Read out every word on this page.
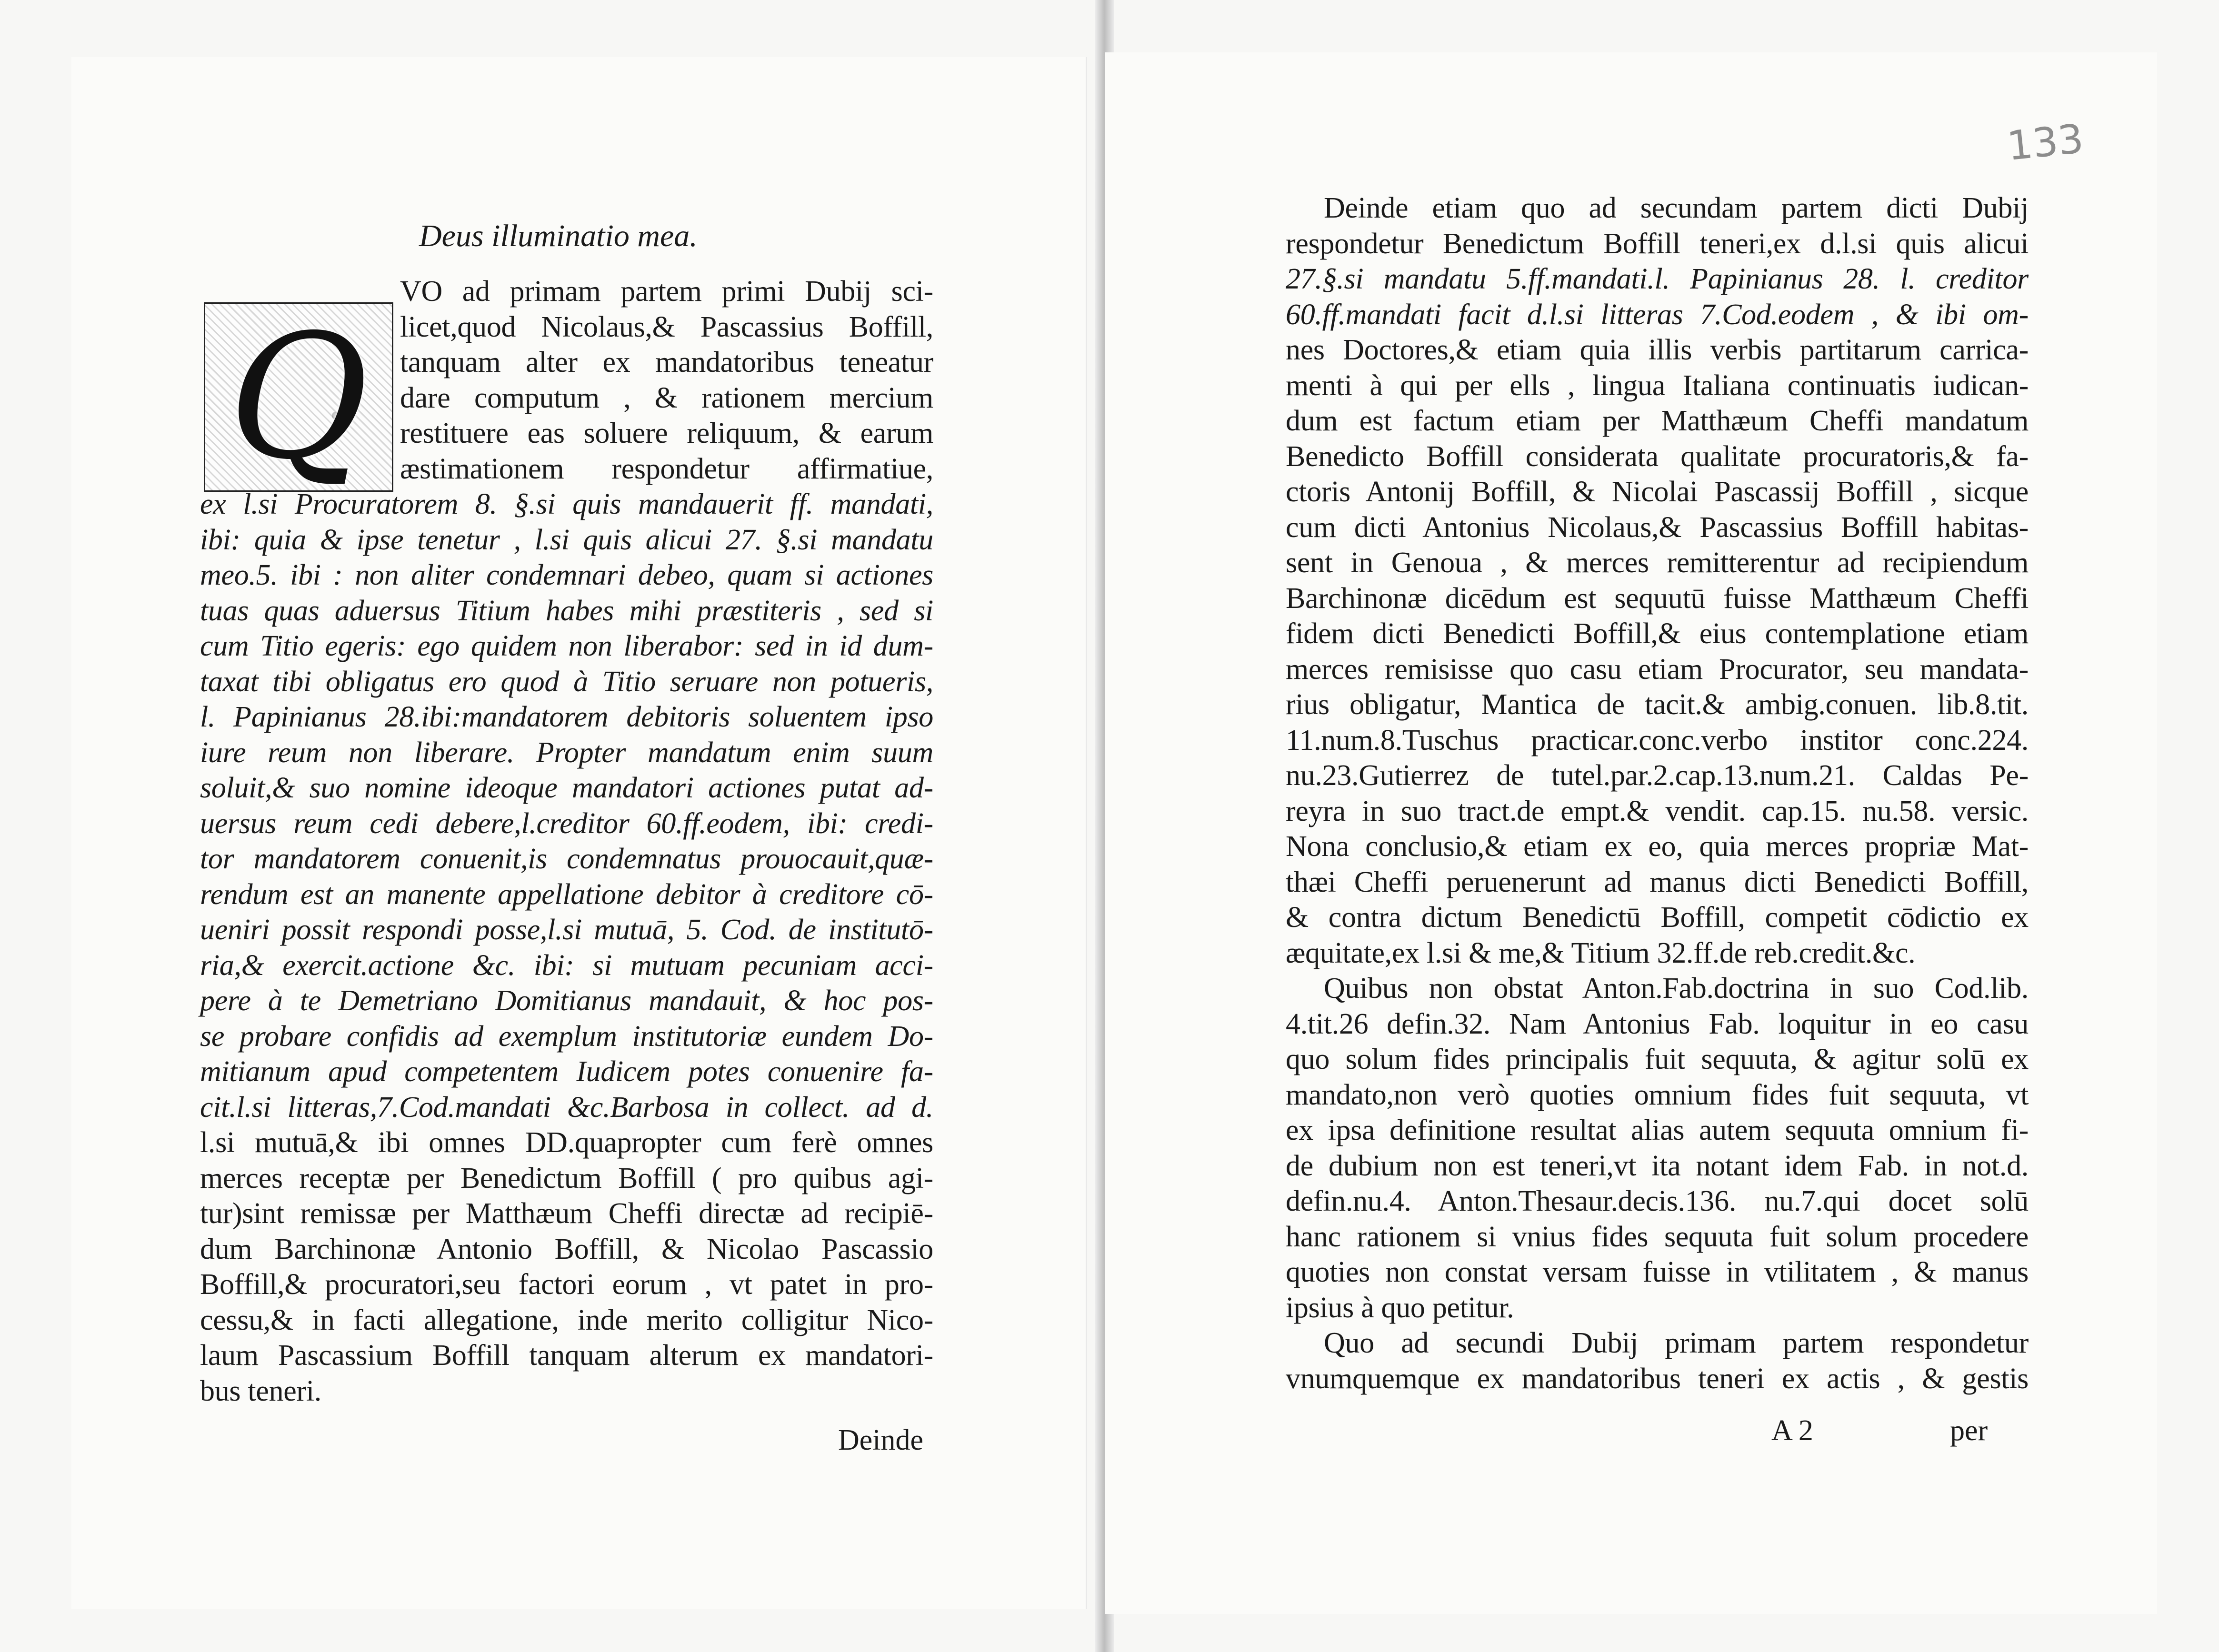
Deus illuminatio mea.
Q
VO ad primam partem primi Dubij sci-
licet,quod Nicolaus,& Pascassius Boffill,
tanquam alter ex mandatoribus teneatur
dare computum , & rationem mercium
restituere eas soluere reliquum, & earum
æstimationem respondetur affirmatiue,
ex l.si Procuratorem 8. §.si quis mandauerit ff. mandati,
ibi: quia & ipse tenetur , l.si quis alicui 27. §.si mandatu
meo.5. ibi : non aliter condemnari debeo, quam si actiones
tuas quas aduersus Titium habes mihi præstiteris , sed si
cum Titio egeris: ego quidem non liberabor: sed in id dum-
taxat tibi obligatus ero quod à Titio seruare non potueris,
l. Papinianus 28.ibi:mandatorem debitoris soluentem ipso
iure reum non liberare. Propter mandatum enim suum
soluit,& suo nomine ideoque mandatori actiones putat ad-
uersus reum cedi debere,l.creditor 60.ff.eodem, ibi: credi-
tor mandatorem conuenit,is condemnatus prouocauit,quæ-
rendum est an manente appellatione debitor à creditore cō-
ueniri possit respondi posse,l.si mutuā, 5. Cod. de institutō-
ria,& exercit.actione &c. ibi: si mutuam pecuniam acci-
pere à te Demetriano Domitianus mandauit, & hoc pos-
se probare confidis ad exemplum institutoriæ eundem Do-
mitianum apud competentem Iudicem potes conuenire fa-
cit.l.si litteras,7.Cod.mandati &c.Barbosa in collect. ad d.
l.si mutuā,& ibi omnes DD.quapropter cum ferè omnes
merces receptæ per Benedictum Boffill ( pro quibus agi-
tur)sint remissæ per Matthæum Cheffi directæ ad recipiē-
dum Barchinonæ Antonio Boffill, & Nicolao Pascassio
Boffill,& procuratori,seu factori eorum , vt patet in pro-
cessu,& in facti allegatione, inde merito colligitur Nico-
laum Pascassium Boffill tanquam alterum ex mandatori-
bus teneri.
Deinde
133
Deinde etiam quo ad secundam partem dicti Dubij
respondetur Benedictum Boffill teneri,ex d.l.si quis alicui
27.§.si mandatu 5.ff.mandati.l. Papinianus 28. l. creditor
60.ff.mandati facit d.l.si litteras 7.Cod.eodem , & ibi om-
nes Doctores,& etiam quia illis verbis partitarum carrica-
menti à qui per ells , lingua Italiana continuatis iudican-
dum est factum etiam per Matthæum Cheffi mandatum
Benedicto Boffill considerata qualitate procuratoris,& fa-
ctoris Antonij Boffill, & Nicolai Pascassij Boffill , sicque
cum dicti Antonius Nicolaus,& Pascassius Boffill habitas-
sent in Genoua , & merces remitterentur ad recipiendum
Barchinonæ dicēdum est sequutū fuisse Matthæum Cheffi
fidem dicti Benedicti Boffill,& eius contemplatione etiam
merces remisisse quo casu etiam Procurator, seu mandata-
rius obligatur, Mantica de tacit.& ambig.conuen. lib.8.tit.
11.num.8.Tuschus practicar.conc.verbo institor conc.224.
nu.23.Gutierrez de tutel.par.2.cap.13.num.21. Caldas Pe-
reyra in suo tract.de empt.& vendit. cap.15. nu.58. versic.
Nona conclusio,& etiam ex eo, quia merces propriæ Mat-
thæi Cheffi peruenerunt ad manus dicti Benedicti Boffill,
& contra dictum Benedictū Boffill, competit cōdictio ex
æquitate,ex l.si & me,& Titium 32.ff.de reb.credit.&c.
Quibus non obstat Anton.Fab.doctrina in suo Cod.lib.
4.tit.26 defin.32. Nam Antonius Fab. loquitur in eo casu
quo solum fides principalis fuit sequuta, & agitur solū ex
mandato,non verò quoties omnium fides fuit sequuta, vt
ex ipsa definitione resultat alias autem sequuta omnium fi-
de dubium non est teneri,vt ita notant idem Fab. in not.d.
defin.nu.4. Anton.Thesaur.decis.136. nu.7.qui docet solū
hanc rationem si vnius fides sequuta fuit solum procedere
quoties non constat versam fuisse in vtilitatem , & manus
ipsius à quo petitur.
Quo ad secundi Dubij primam partem respondetur
vnumquemque ex mandatoribus teneri ex actis , & gestis
A 2	per
